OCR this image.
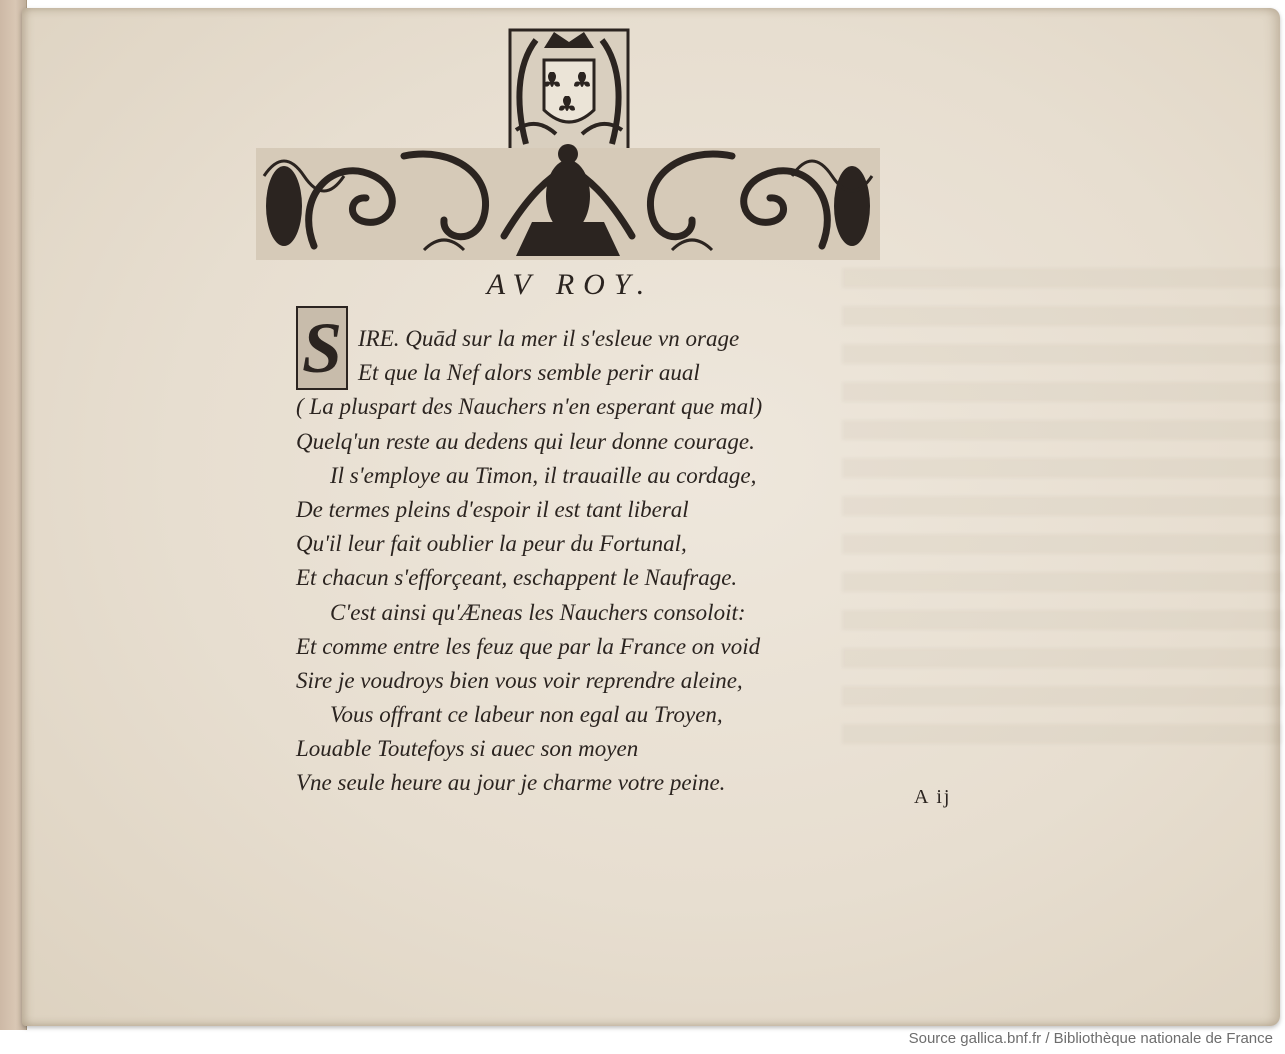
AV ROY.
S IRE. Quād sur la mer il s'esleue vn orage
Et que la Nef alors semble perir aual
( La pluspart des Nauchers n'en esperant que mal)
Quelq'un reste au dedens qui leur donne courage.
Il s'employe au Timon, il trauaille au cordage,
De termes pleins d'espoir il est tant liberal
Qu'il leur fait oublier la peur du Fortunal,
Et chacun s'efforçeant, eschappent le Naufrage.
C'est ainsi qu'Æneas les Nauchers consoloit:
Et comme entre les feuz que par la France on void
Sire je voudroys bien vous voir reprendre aleine,
Vous offrant ce labeur non egal au Troyen,
Louable Toutefoys si auec son moyen
Vne seule heure au jour je charme votre peine.
A ij
Source gallica.bnf.fr / Bibliothèque nationale de France
